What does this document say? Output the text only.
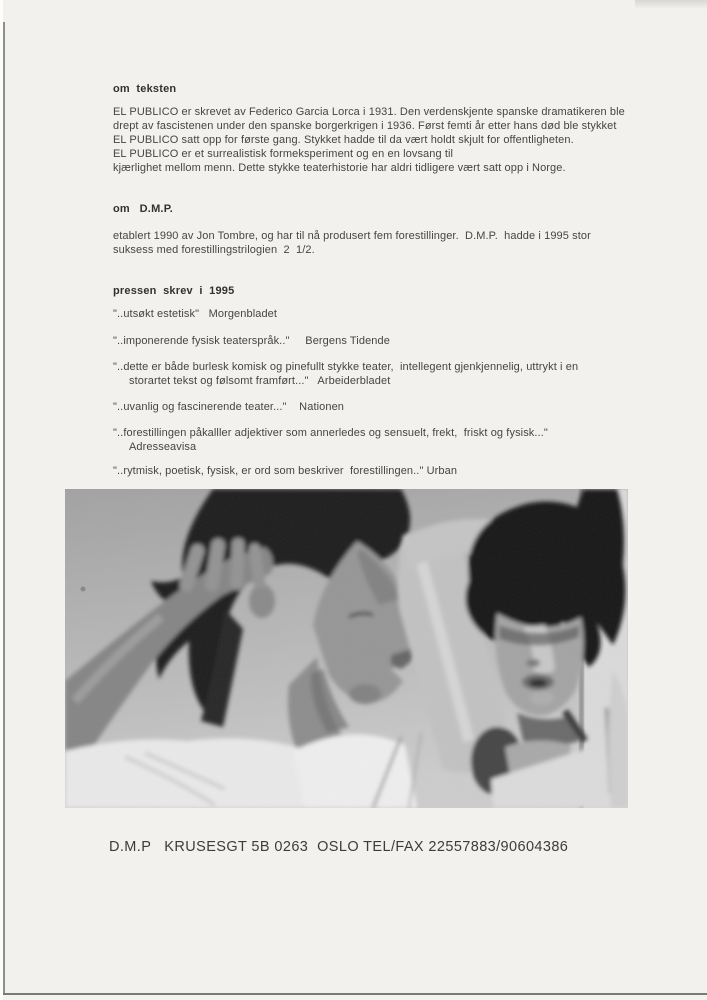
om  teksten
EL PUBLICO er skrevet av Federico Garcia Lorca i 1931. Den verdenskjente spanske dramatikeren ble
drept av fascistenen under den spanske borgerkrigen i 1936. Først femti år etter hans død ble stykket
EL PUBLICO satt opp for første gang. Stykket hadde til da vært holdt skjult for offentligheten.
EL PUBLICO er et surrealistisk formeksperiment og en en lovsang til
kjærlighet mellom menn. Dette stykke teaterhistorie har aldri tidligere vært satt opp i Norge.
om   D.M.P.
etablert 1990 av Jon Tombre, og har til nå produsert fem forestillinger.  D.M.P.  hadde i 1995 stor
suksess med forestillingstrilogien  2  1/2.
pressen  skrev  i  1995
"..utsøkt estetisk"   Morgenbladet
"..imponerende fysisk teaterspråk.."     Bergens Tidende
"..dette er både burlesk komisk og pinefullt stykke teater,  intellegent gjenkjennelig, uttrykt i en
storartet tekst og følsomt framført..."   Arbeiderbladet
"..uvanlig og fascinerende teater..."    Nationen
"..forestillingen påkalller adjektiver som annerledes og sensuelt, frekt,  friskt og fysisk..."
Adresseavisa
"..rytmisk, poetisk, fysisk, er ord som beskriver  forestillingen.." Urban
D.M.P   KRUSESGT 5B 0263  OSLO TEL/FAX 22557883/90604386
